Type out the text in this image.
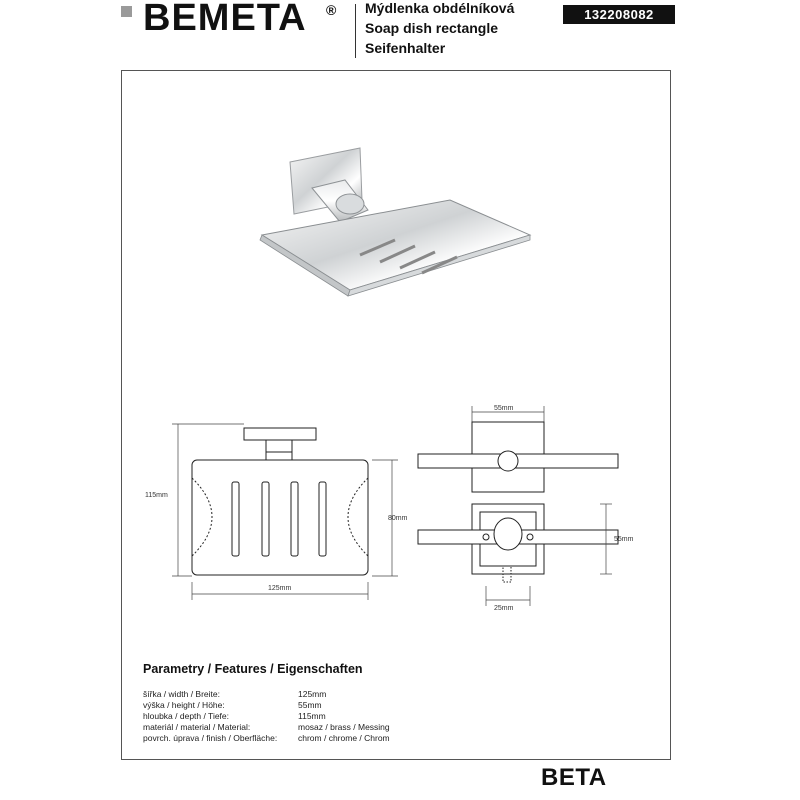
BEMETA ® Mýdlenka obdélníková
Soap dish rectangle
Seifenhalter
132208082
115mm
80mm
125mm
55mm
55mm
25mm
Parametry / Features / Eigenschaften
šířka / width / Breite:	125mm
výška / height / Höhe:	55mm
hloubka / depth / Tiefe:	115mm
materiál / material / Material:	mosaz / brass / Messing
povrch. úprava / finish / Oberfläche: chrom / chrome / Chrom
BETA
